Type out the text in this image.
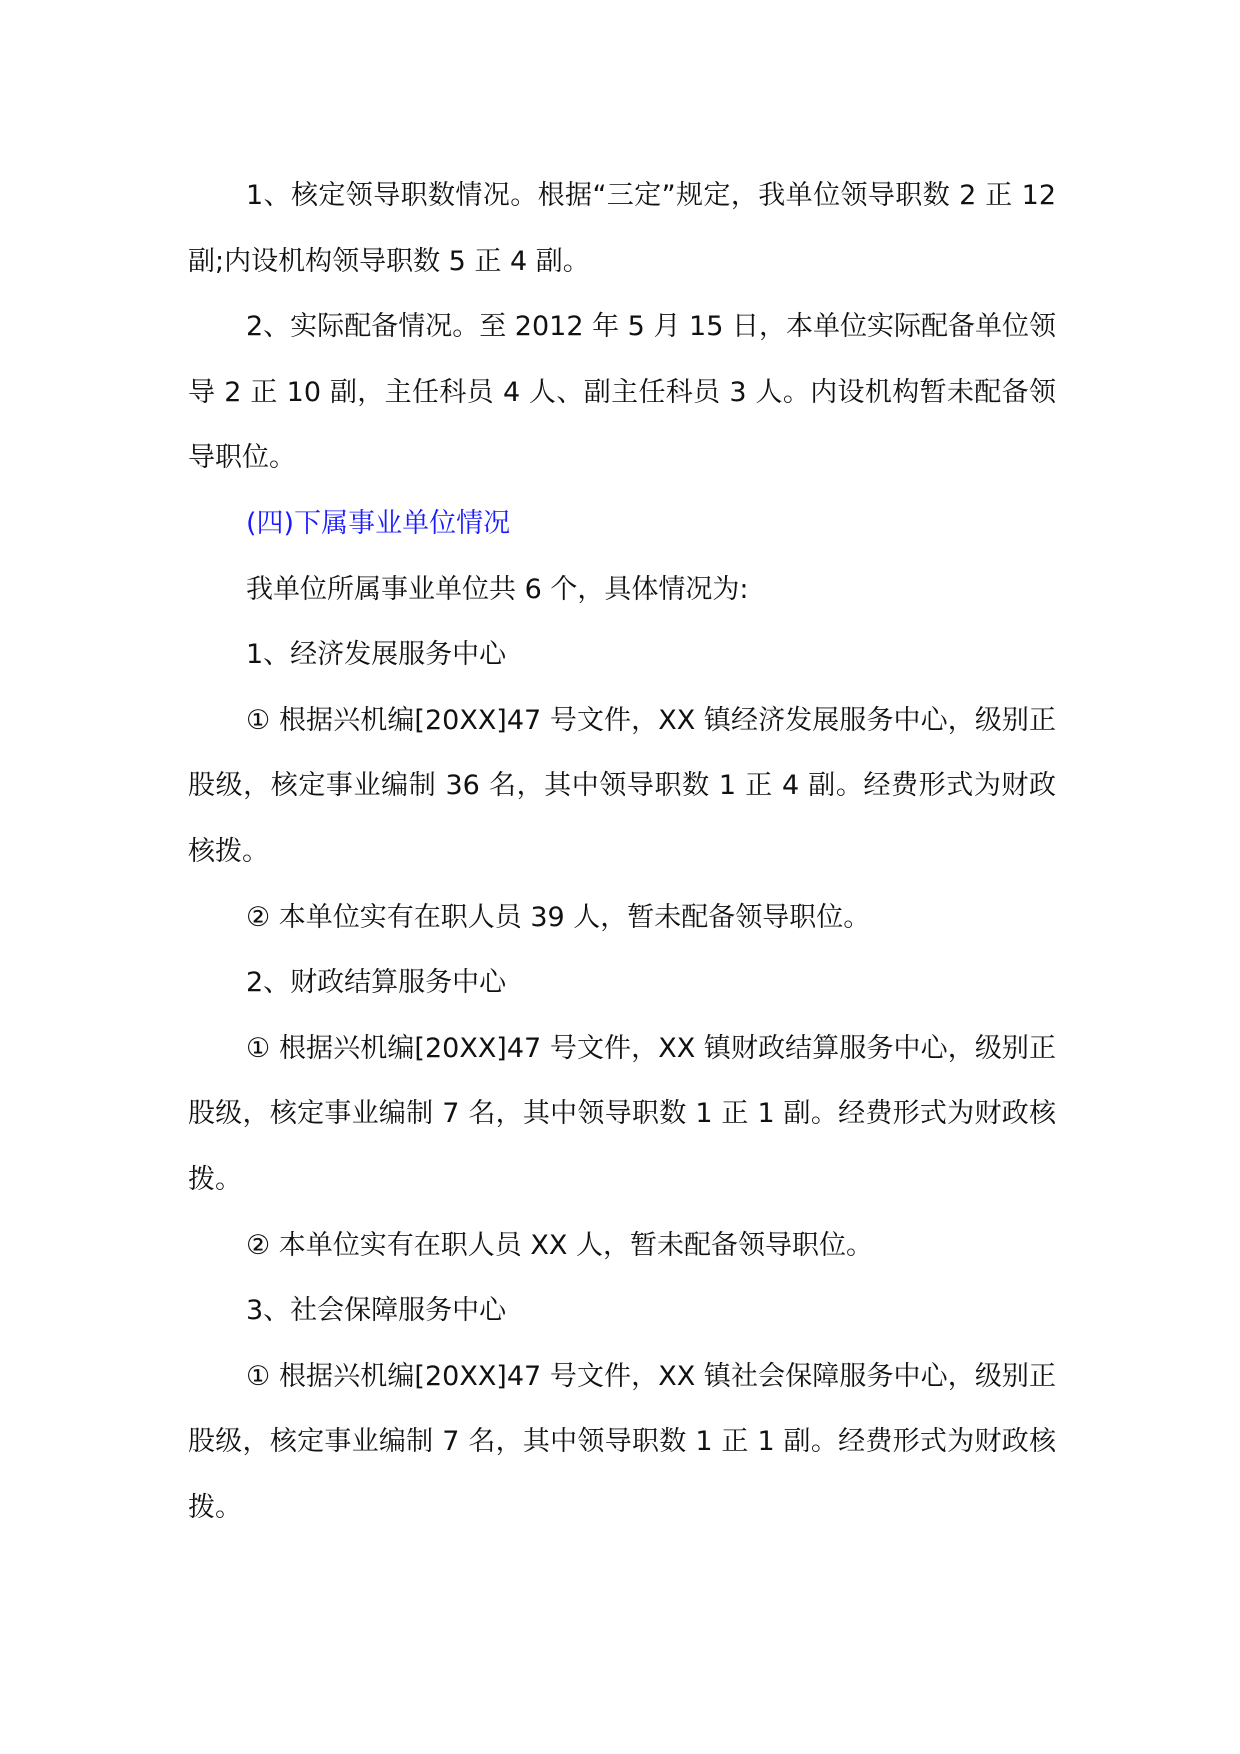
1、核定领导职数情况。根据“三定”规定，我单位领导职数 2 正 12 副;内设机构领导职数 5 正 4 副。

2、实际配备情况。至 2012 年 5 月 15 日，本单位实际配备单位领导 2 正 10 副，主任科员 4 人、副主任科员 3 人。内设机构暂未配备领导职位。

(四)下属事业单位情况

我单位所属事业单位共 6 个，具体情况为:

1、经济发展服务中心

① 根据兴机编[20XX]47 号文件，XX 镇经济发展服务中心，级别正股级，核定事业编制 36 名，其中领导职数 1 正 4 副。经费形式为财政核拨。

② 本单位实有在职人员 39 人，暂未配备领导职位。

2、财政结算服务中心

① 根据兴机编[20XX]47 号文件，XX 镇财政结算服务中心，级别正股级，核定事业编制 7 名，其中领导职数 1 正 1 副。经费形式为财政核拨。

② 本单位实有在职人员 XX 人，暂未配备领导职位。

3、社会保障服务中心

① 根据兴机编[20XX]47 号文件，XX 镇社会保障服务中心，级别正股级，核定事业编制 7 名，其中领导职数 1 正 1 副。经费形式为财政核拨。
